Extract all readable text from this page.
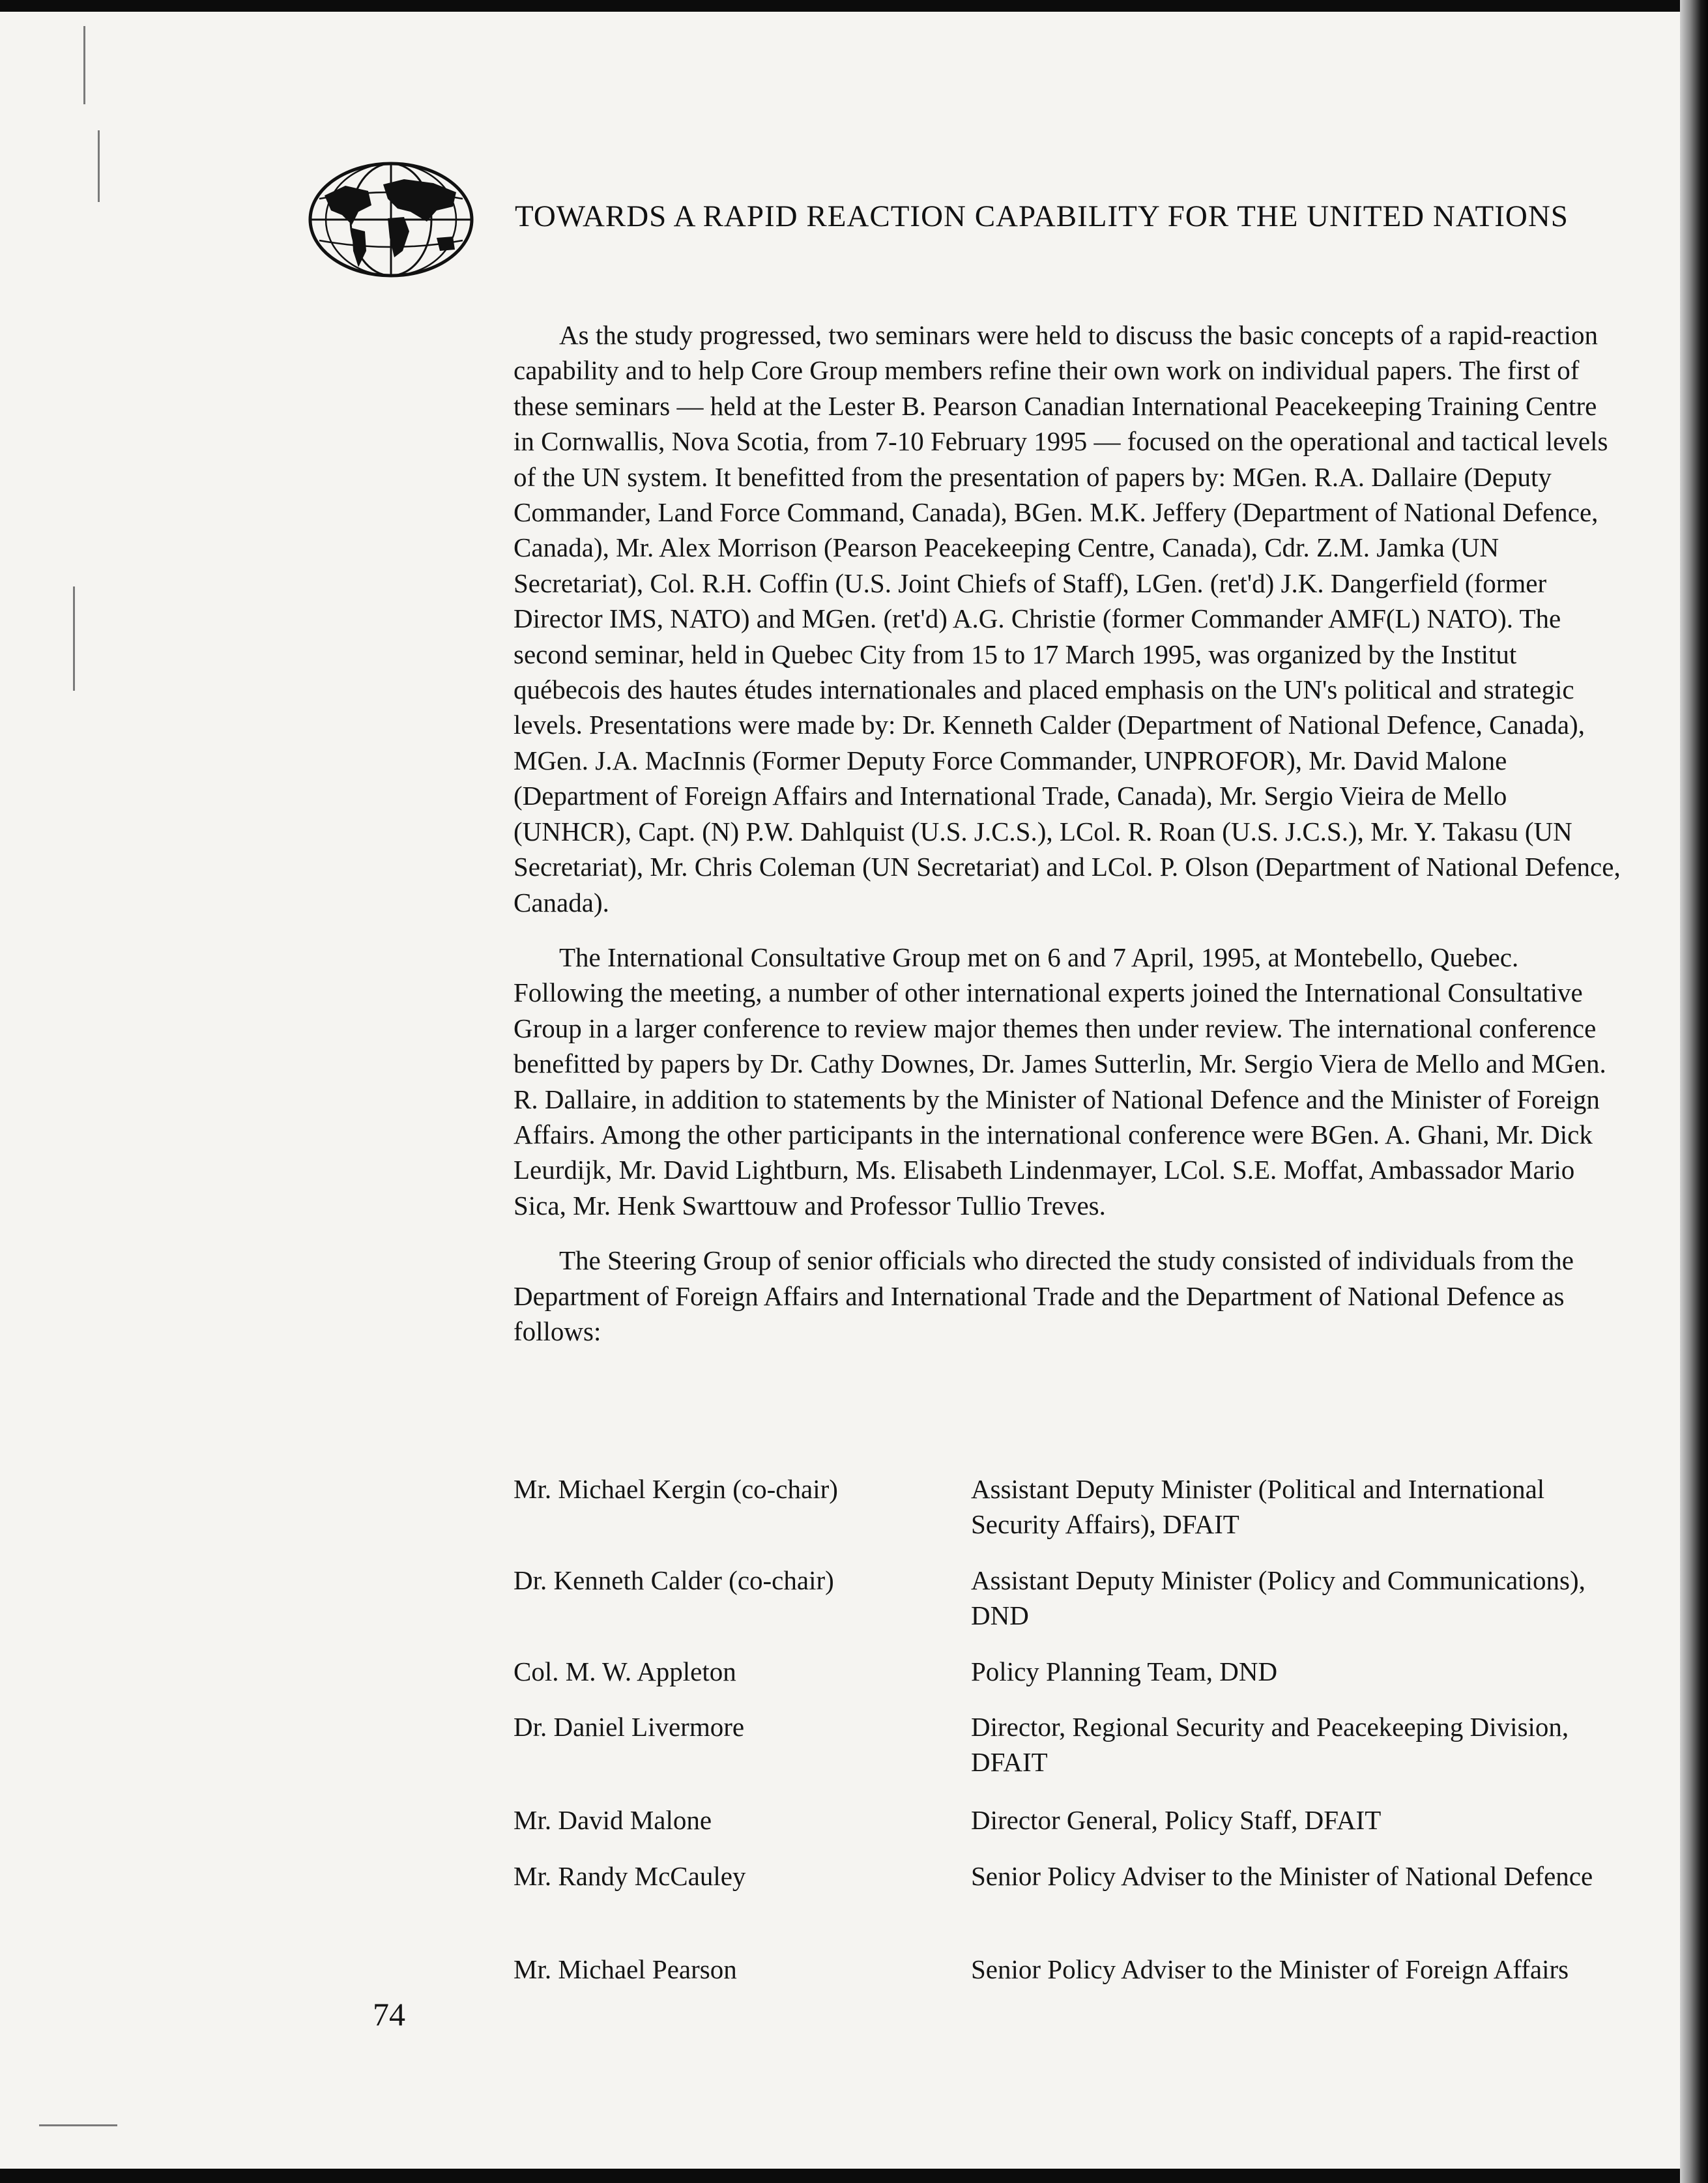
TOWARDS A RAPID REACTION CAPABILITY FOR THE UNITED NATIONS

As the study progressed, two seminars were held to discuss the basic concepts of a rapid-reaction capability and to help Core Group members refine their own work on individual papers. The first of these seminars — held at the Lester B. Pearson Canadian International Peacekeeping Training Centre in Cornwallis, Nova Scotia, from 7-10 February 1995 — focused on the operational and tactical levels of the UN system. It benefitted from the presentation of papers by: MGen. R.A. Dallaire (Deputy Commander, Land Force Command, Canada), BGen. M.K. Jeffery (Department of National Defence, Canada), Mr. Alex Morrison (Pearson Peacekeeping Centre, Canada), Cdr. Z.M. Jamka (UN Secretariat), Col. R.H. Coffin (U.S. Joint Chiefs of Staff), LGen. (ret'd) J.K. Dangerfield (former Director IMS, NATO) and MGen. (ret'd) A.G. Christie (former Commander AMF(L) NATO). The second seminar, held in Quebec City from 15 to 17 March 1995, was organized by the Institut québecois des hautes études internationales and placed emphasis on the UN's political and strategic levels. Presentations were made by: Dr. Kenneth Calder (Department of National Defence, Canada), MGen. J.A. MacInnis (Former Deputy Force Commander, UNPROFOR), Mr. David Malone (Department of Foreign Affairs and International Trade, Canada), Mr. Sergio Vieira de Mello (UNHCR), Capt. (N) P.W. Dahlquist (U.S. J.C.S.), LCol. R. Roan (U.S. J.C.S.), Mr. Y. Takasu (UN Secretariat), Mr. Chris Coleman (UN Secretariat) and LCol. P. Olson (Department of National Defence, Canada).

The International Consultative Group met on 6 and 7 April, 1995, at Montebello, Quebec. Following the meeting, a number of other international experts joined the International Consultative Group in a larger conference to review major themes then under review. The international conference benefitted by papers by Dr. Cathy Downes, Dr. James Sutterlin, Mr. Sergio Viera de Mello and MGen. R. Dallaire, in addition to statements by the Minister of National Defence and the Minister of Foreign Affairs. Among the other participants in the international conference were BGen. A. Ghani, Mr. Dick Leurdijk, Mr. David Lightburn, Ms. Elisabeth Lindenmayer, LCol. S.E. Moffat, Ambassador Mario Sica, Mr. Henk Swarttouw and Professor Tullio Treves.

The Steering Group of senior officials who directed the study consisted of individuals from the Department of Foreign Affairs and International Trade and the Department of National Defence as follows:

Mr. Michael Kergin (co-chair)	Assistant Deputy Minister (Political and International Security Affairs), DFAIT
Dr. Kenneth Calder (co-chair)	Assistant Deputy Minister (Policy and Communications), DND
Col. M. W. Appleton	Policy Planning Team, DND
Dr. Daniel Livermore	Director, Regional Security and Peacekeeping Division, DFAIT
Mr. David Malone	Director General, Policy Staff, DFAIT
Mr. Randy McCauley	Senior Policy Adviser to the Minister of National Defence
Mr. Michael Pearson	Senior Policy Adviser to the Minister of Foreign Affairs
74
